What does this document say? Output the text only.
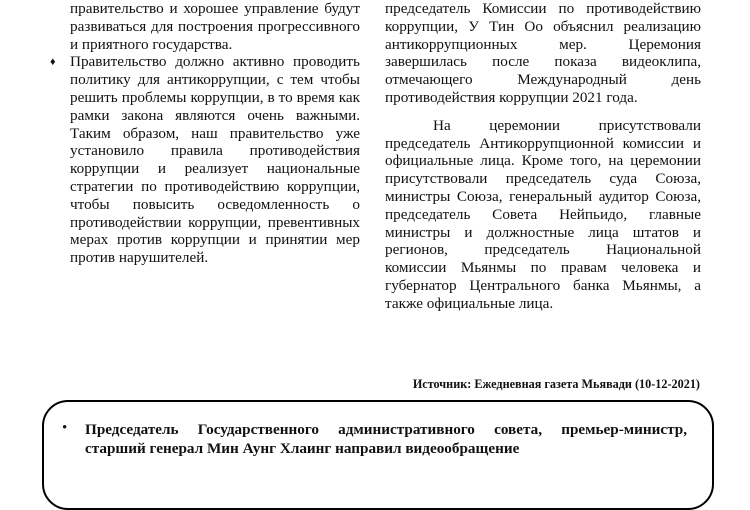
правительство и хорошее управление будут развиваться для построения прогрессивного и приятного государства.

♦ Правительство должно активно проводить политику для антикоррупции, с тем чтобы решить проблемы коррупции, в то время как рамки закона являются очень важными. Таким образом, наш правительство уже установило правила противодействия коррупции и реализует национальные стратегии по противодействию коррупции, чтобы повысить осведомленность о противодействии коррупции, превентивных мерах против коррупции и принятии мер против нарушителей.

председатель Комиссии по противодействию коррупции, У Тин Оо объяснил реализацию антикоррупционных мер. Церемония завершилась после показа видеоклипа, отмечающего Международный день противодействия коррупции 2021 года.

На церемонии присутствовали председатель Антикоррупционной комиссии и официальные лица. Кроме того, на церемонии присутствовали председатель суда Союза, министры Союза, генеральный аудитор Союза, председатель Совета Нейпьидо, главные министры и должностные лица штатов и регионов, председатель Национальной комиссии Мьянмы по правам человека и губернатор Центрального банка Мьянмы, а также официальные лица.

Источник: Ежедневная газета Мьявади (10-12-2021)
• Председатель Государственного административного совета, премьер-министр, старший генерал Мин Аунг Хлаинг направил видеообращение
